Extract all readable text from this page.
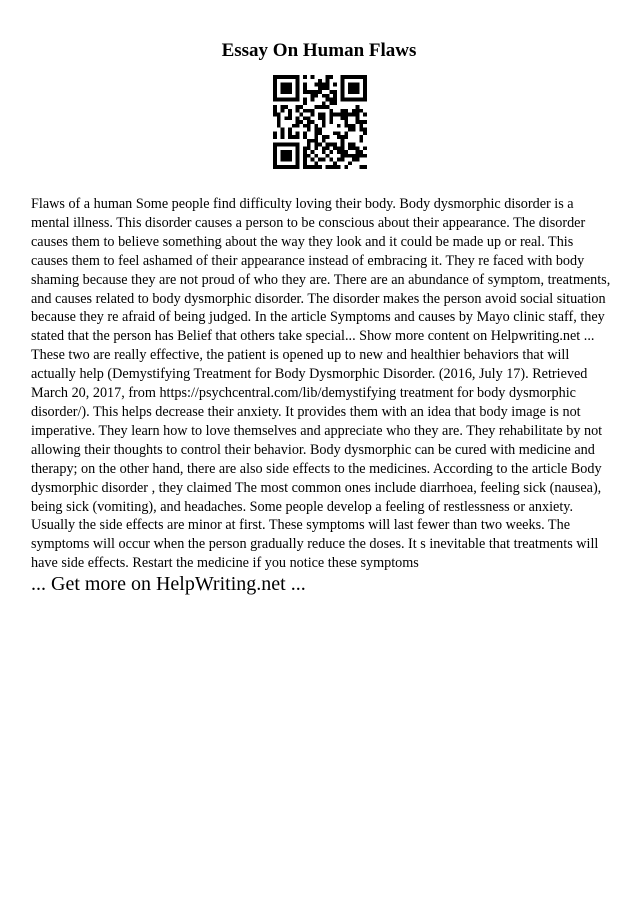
Essay On Human Flaws

Flaws of a human Some people find difficulty loving their body. Body dysmorphic disorder is a mental illness. This disorder causes a person to be conscious about their appearance. The disorder causes them to believe something about the way they look and it could be made up or real. This causes them to feel ashamed of their appearance instead of embracing it. They re faced with body shaming because they are not proud of who they are. There are an abundance of symptom, treatments, and causes related to body dysmorphic disorder. The disorder makes the person avoid social situation because they re afraid of being judged. In the article Symptoms and causes by Mayo clinic staff, they stated that the person has Belief that others take special... Show more content on Helpwriting.net ...

These two are really effective, the patient is opened up to new and healthier behaviors that will actually help (Demystifying Treatment for Body Dysmorphic Disorder. (2016, July 17). Retrieved March 20, 2017, from https://psychcentral.com/lib/demystifying treatment for body dysmorphic disorder/). This helps decrease their anxiety. It provides them with an idea that body image is not imperative. They learn how to love themselves and appreciate who they are. They rehabilitate by not allowing their thoughts to control their behavior. Body dysmorphic can be cured with medicine and therapy; on the other hand, there are also side effects to the medicines. According to the article Body dysmorphic disorder , they claimed The most common ones include diarrhoea, feeling sick (nausea), being sick (vomiting), and headaches. Some people develop a feeling of restlessness or anxiety. Usually the side effects are minor at first. These symptoms will last fewer than two weeks. The symptoms will occur when the person gradually reduce the doses. It s inevitable that treatments will have side effects. Restart the medicine if you notice these symptoms

... Get more on HelpWriting.net ...
